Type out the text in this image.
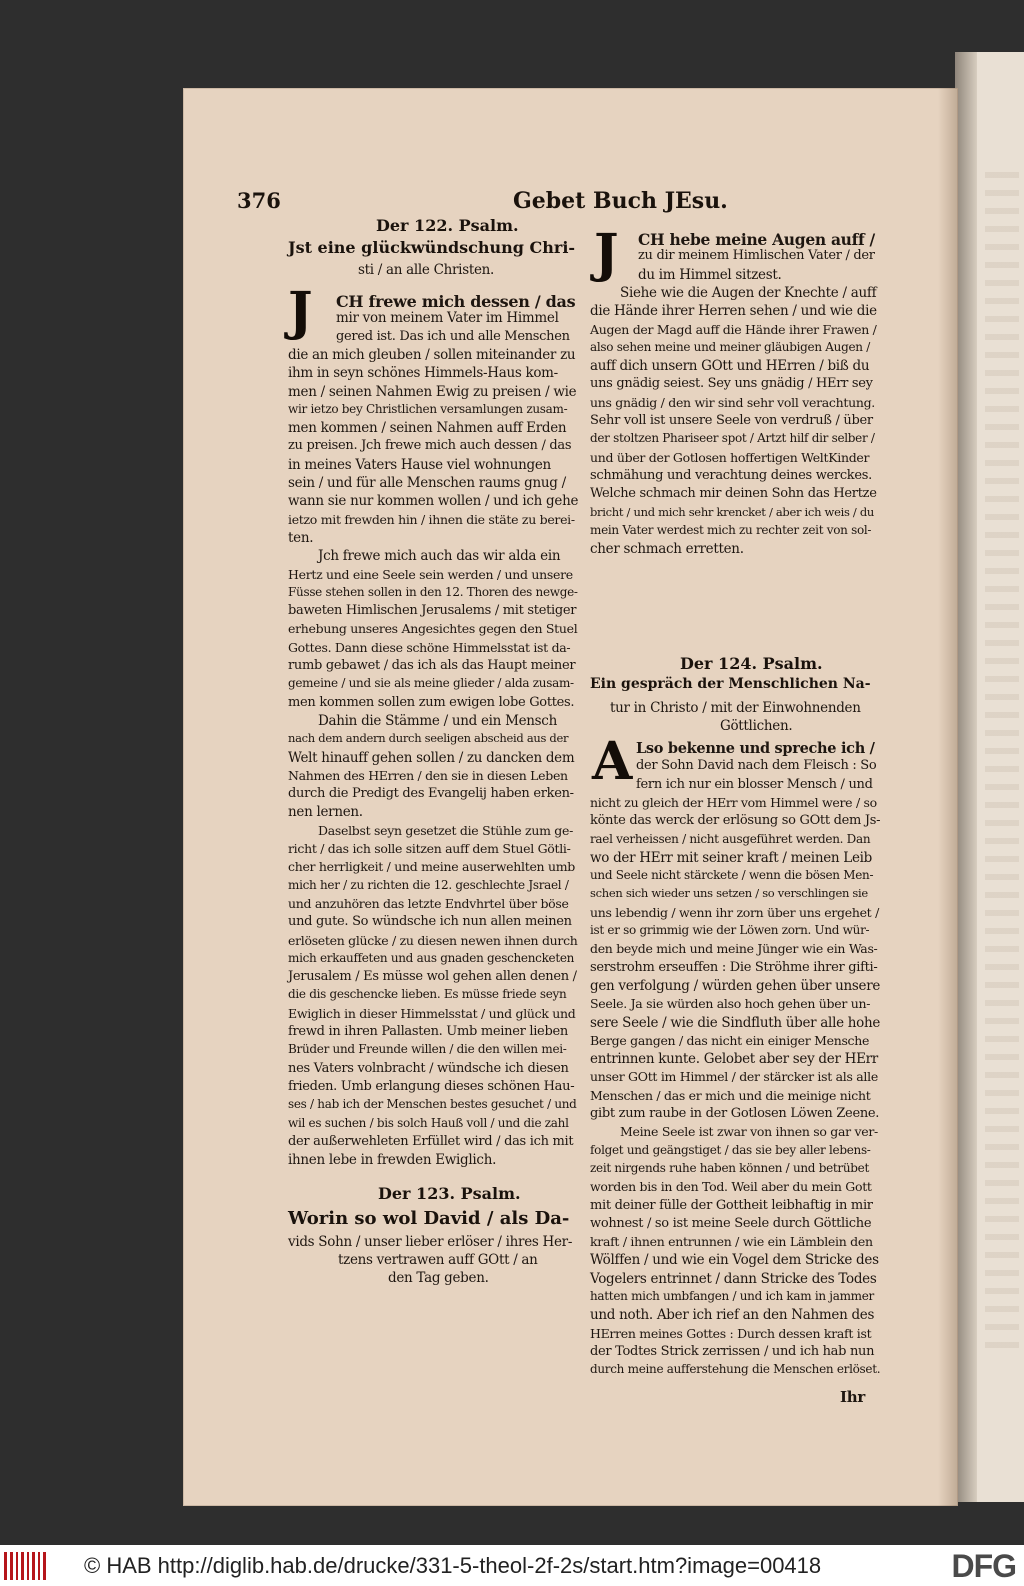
376	Gebet Buch JEsu.
Der 122. Psalm.
Jst eine glückwündschung Chri-
sti / an alle Christen.
J CH frewe mich dessen / das
mir von meinem Vater im Himmel
gered ist. Das ich und alle Menschen
die an mich gleuben / sollen miteinander zu
ihm in seyn schönes Himmels-Haus kom-
men / seinen Nahmen Ewig zu preisen / wie
wir ietzo bey Christlichen versamlungen zusam-
men kommen / seinen Nahmen auff Erden
zu preisen. Jch frewe mich auch dessen / das
in meines Vaters Hause viel wohnungen
sein / und für alle Menschen raums gnug /
wann sie nur kommen wollen / und ich gehe
ietzo mit frewden hin / ihnen die stäte zu berei-
ten.
Jch frewe mich auch das wir alda ein
Hertz und eine Seele sein werden / und unsere
Füsse stehen sollen in den 12. Thoren des newge-
baweten Himlischen Jerusalems / mit stetiger
erhebung unseres Angesichtes gegen den Stuel
Gottes. Dann diese schöne Himmelsstat ist da-
rumb gebawet / das ich als das Haupt meiner
gemeine / und sie als meine glieder / alda zusam-
men kommen sollen zum ewigen lobe Gottes.
Dahin die Stämme / und ein Mensch
nach dem andern durch seeligen abscheid aus der
Welt hinauff gehen sollen / zu dancken dem
Nahmen des HErren / den sie in diesen Leben
durch die Predigt des Evangelij haben erken-
nen lernen.
Daselbst seyn gesetzet die Stühle zum ge-
richt / das ich solle sitzen auff dem Stuel Götli-
cher herrligkeit / und meine auserwehlten umb
mich her / zu richten die 12. geschlechte Jsrael /
und anzuhören das letzte Endvhrtel über böse
und gute. So wündsche ich nun allen meinen
erlöseten glücke / zu diesen newen ihnen durch
mich erkauffeten und aus gnaden geschencketen
Jerusalem / Es müsse wol gehen allen denen /
die dis geschencke lieben. Es müsse friede seyn
Ewiglich in dieser Himmelsstat / und glück und
frewd in ihren Pallasten. Umb meiner lieben
Brüder und Freunde willen / die den willen mei-
nes Vaters volnbracht / wündsche ich diesen
frieden. Umb erlangung dieses schönen Hau-
ses / hab ich der Menschen bestes gesuchet / und
wil es suchen / bis solch Hauß voll / und die zahl
der außerwehleten Erfüllet wird / das ich mit
ihnen lebe in frewden Ewiglich.
Der 123. Psalm.
Worin so wol David / als Da-
vids Sohn / unser lieber erlöser / ihres Her-
tzens vertrawen auff GOtt / an
den Tag geben.
J CH hebe meine Augen auff /
zu dir meinem Himlischen Vater / der
du im Himmel sitzest.
Siehe wie die Augen der Knechte / auff
die Hände ihrer Herren sehen / und wie die
Augen der Magd auff die Hände ihrer Frawen /
also sehen meine und meiner gläubigen Augen /
auff dich unsern GOtt und HErren / biß du
uns gnädig seiest. Sey uns gnädig / HErr sey
uns gnädig / den wir sind sehr voll verachtung.
Sehr voll ist unsere Seele von verdruß / über
der stoltzen Phariseer spot / Artzt hilf dir selber /
und über der Gotlosen hoffertigen WeltKinder
schmähung und verachtung deines werckes.
Welche schmach mir deinen Sohn das Hertze
bricht / und mich sehr krencket / aber ich weis / du
mein Vater werdest mich zu rechter zeit von sol-
cher schmach erretten.
Der 124. Psalm.
Ein gespräch der Menschlichen Na-
tur in Christo / mit der Einwohnenden
Göttlichen.
A Lso bekenne und spreche ich /
der Sohn David nach dem Fleisch : So
fern ich nur ein blosser Mensch / und
nicht zu gleich der HErr vom Himmel were / so
könte das werck der erlösung so GOtt dem Js-
rael verheissen / nicht ausgeführet werden. Dan
wo der HErr mit seiner kraft / meinen Leib
und Seele nicht stärckete / wenn die bösen Men-
schen sich wieder uns setzen / so verschlingen sie
uns lebendig / wenn ihr zorn über uns ergehet /
ist er so grimmig wie der Löwen zorn. Und wür-
den beyde mich und meine Jünger wie ein Was-
serstrohm erseuffen : Die Ströhme ihrer gifti-
gen verfolgung / würden gehen über unsere
Seele. Ja sie würden also hoch gehen über un-
sere Seele / wie die Sindfluth über alle hohe
Berge gangen / das nicht ein einiger Mensche
entrinnen kunte. Gelobet aber sey der HErr
unser GOtt im Himmel / der stärcker ist als alle
Menschen / das er mich und die meinige nicht
gibt zum raube in der Gotlosen Löwen Zeene.
Meine Seele ist zwar von ihnen so gar ver-
folget und geängstiget / das sie bey aller lebens-
zeit nirgends ruhe haben können / und betrübet
worden bis in den Tod. Weil aber du mein Gott
mit deiner fülle der Gottheit leibhaftig in mir
wohnest / so ist meine Seele durch Göttliche
kraft / ihnen entrunnen / wie ein Lämblein den
Wölffen / und wie ein Vogel dem Stricke des
Vogelers entrinnet / dann Stricke des Todes
hatten mich umbfangen / und ich kam in jammer
und noth. Aber ich rief an den Nahmen des
HErren meines Gottes : Durch dessen kraft ist
der Todtes Strick zerrissen / und ich hab nun
durch meine aufferstehung die Menschen erlöset.
Ihr
© HAB http://diglib.hab.de/drucke/331-5-theol-2f-2s/start.htm?image=00418	DFG
